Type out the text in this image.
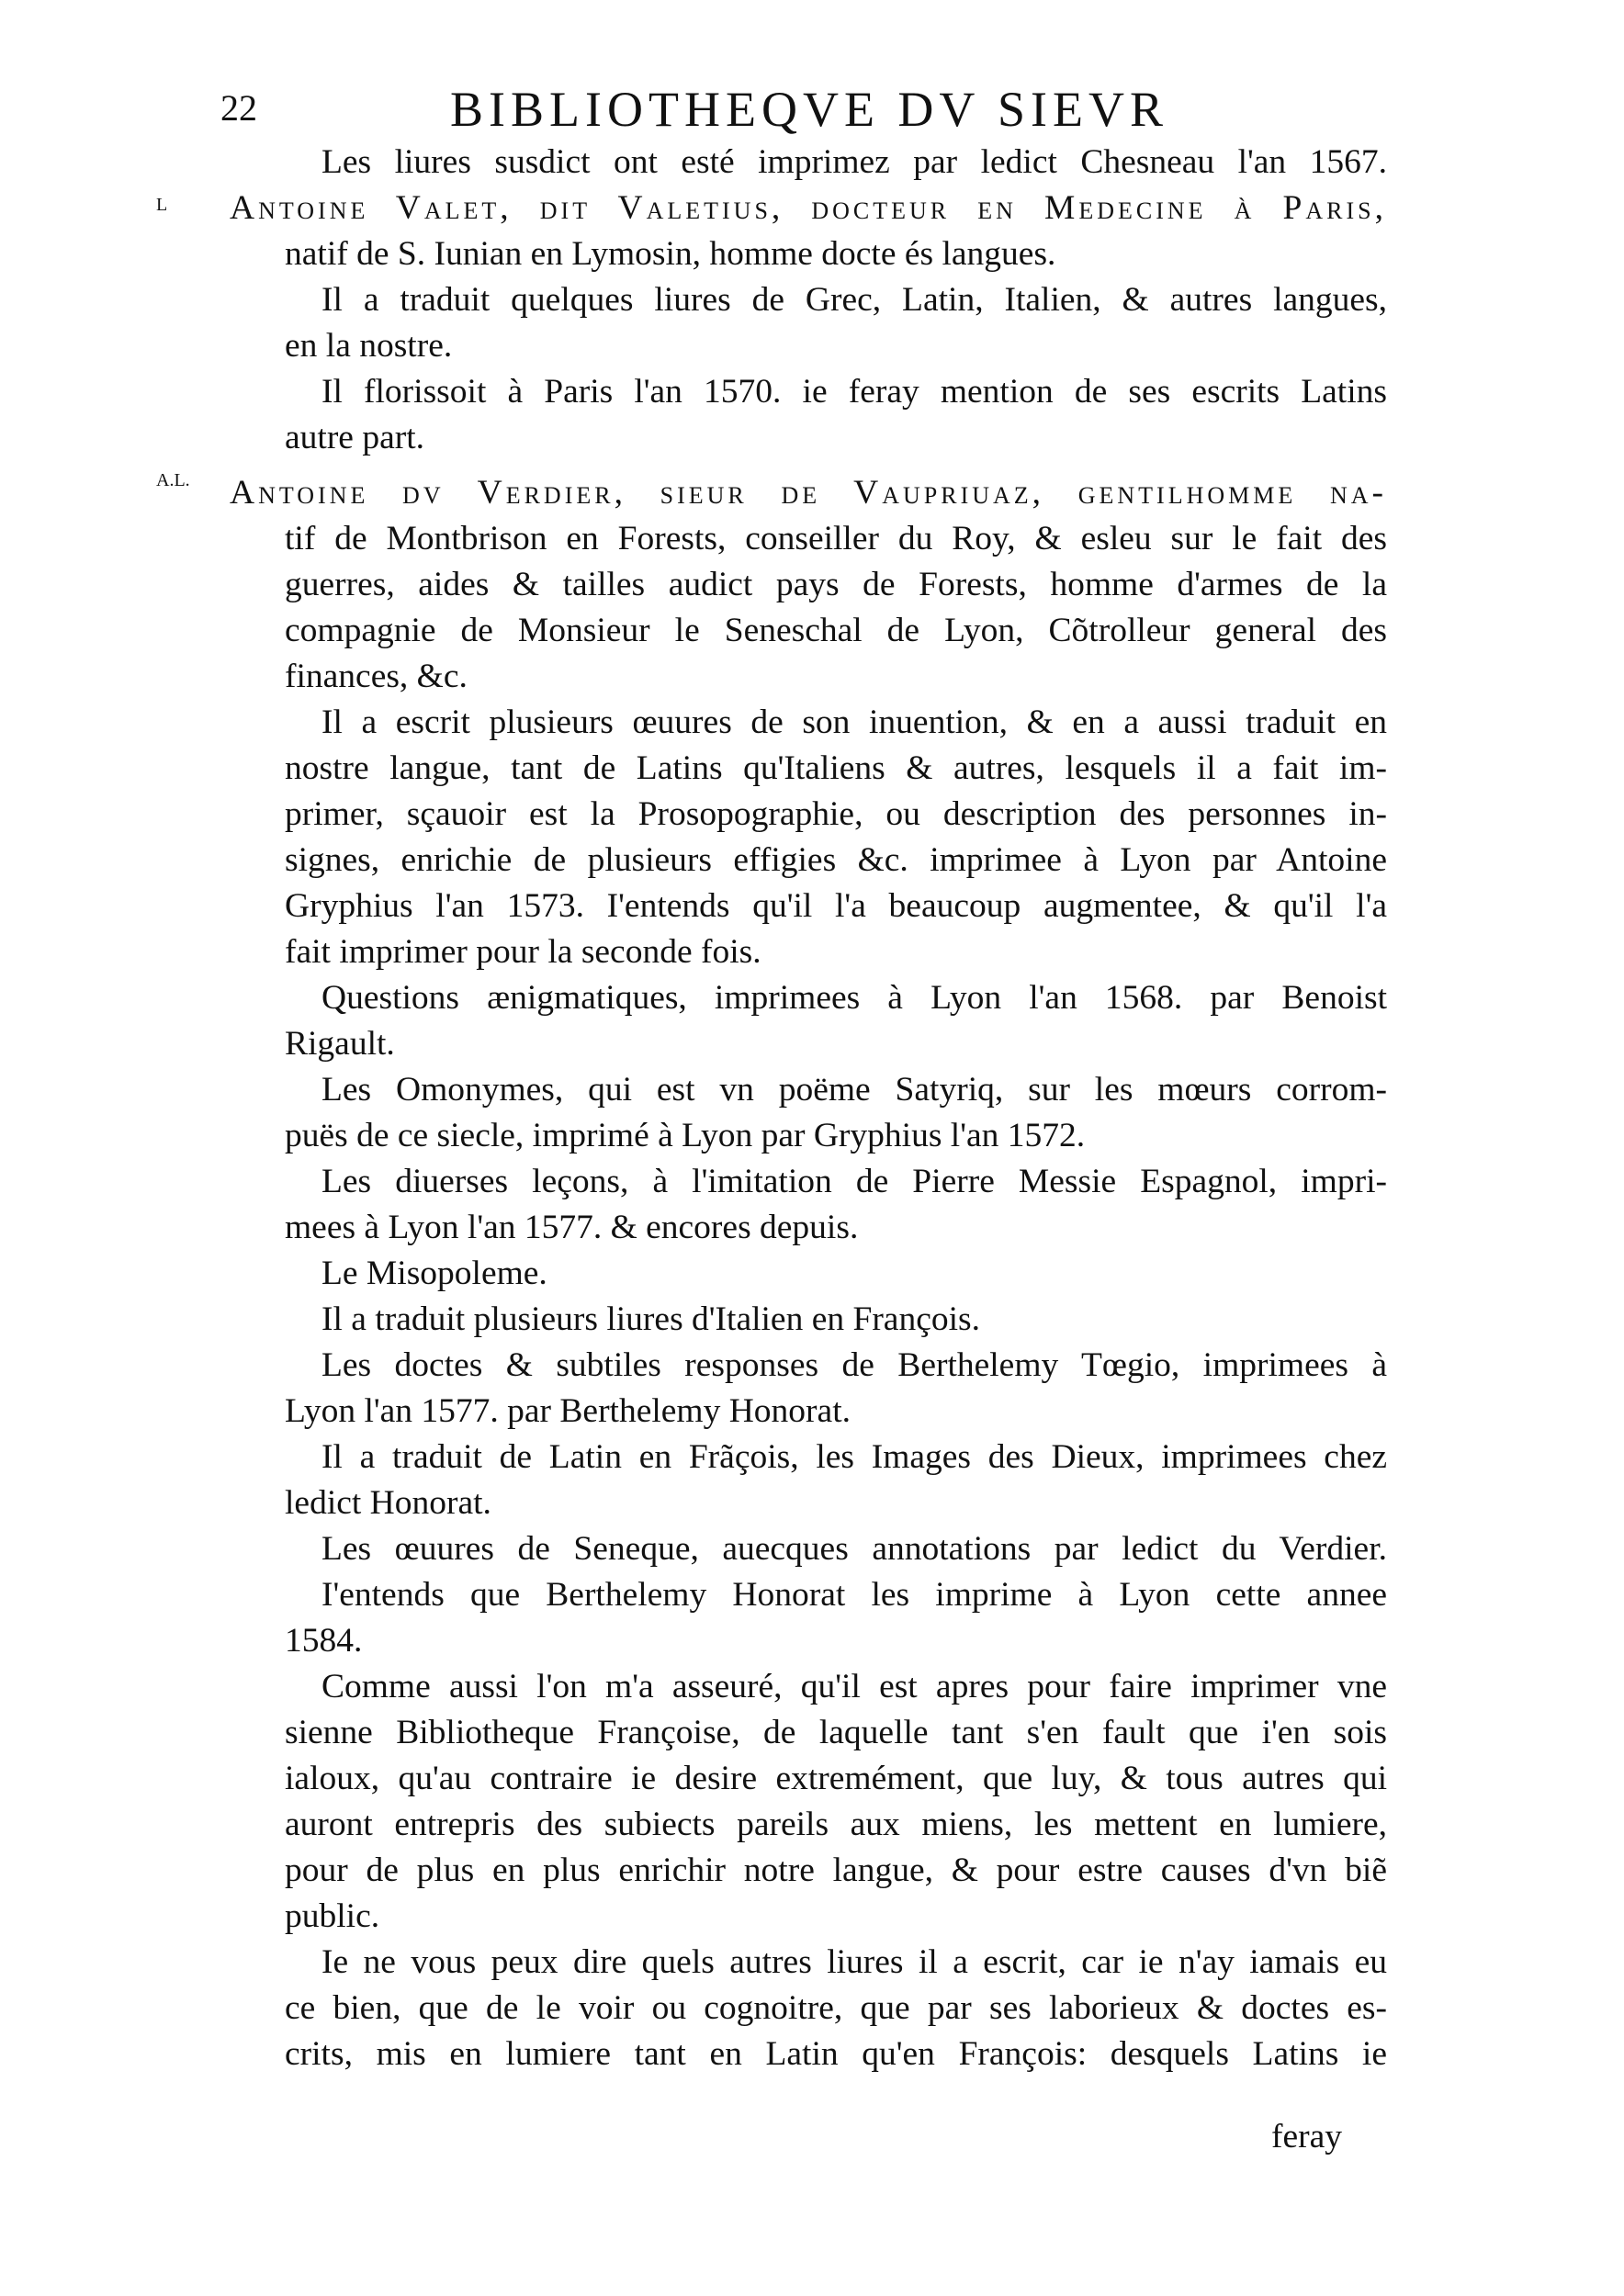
22	BIBLIOTHEQVE DV SIEVR
L
A.L.
Les liures susdict ont esté imprimez par ledict Chesneau l'an 1567.
Antoine Valet, dit Valetius, docteur en Medecine à Paris,
natif de S. Iunian en Lymosin, homme docte és langues.
Il a traduit quelques liures de Grec, Latin, Italien, & autres langues,
en la nostre.
Il florissoit à Paris l'an 1570. ie feray mention de ses escrits Latins
autre part.
Antoine dv Verdier, sieur de Vaupriuaz, gentilhomme na-
tif de Montbrison en Forests, conseiller du Roy, & esleu sur le fait des
guerres, aides & tailles audict pays de Forests, homme d'armes de la
compagnie de Monsieur le Seneschal de Lyon, Cõtrolleur general des
finances, &c.
Il a escrit plusieurs œuures de son inuention, & en a aussi traduit en
nostre langue, tant de Latins qu'Italiens & autres, lesquels il a fait im-
primer, sçauoir est la Prosopographie, ou description des personnes in-
signes, enrichie de plusieurs effigies &c. imprimee à Lyon par Antoine
Gryphius l'an 1573. I'entends qu'il l'a beaucoup augmentee, & qu'il l'a
fait imprimer pour la seconde fois.
Questions ænigmatiques, imprimees à Lyon l'an 1568. par Benoist
Rigault.
Les Omonymes, qui est vn poëme Satyriq, sur les mœurs corrom-
puës de ce siecle, imprimé à Lyon par Gryphius l'an 1572.
Les diuerses leçons, à l'imitation de Pierre Messie Espagnol, impri-
mees à Lyon l'an 1577. & encores depuis.
Le Misopoleme.
Il a traduit plusieurs liures d'Italien en François.
Les doctes & subtiles responses de Berthelemy Tœgio, imprimees à
Lyon l'an 1577. par Berthelemy Honorat.
Il a traduit de Latin en Frãçois, les Images des Dieux, imprimees chez
ledict Honorat.
Les œuures de Seneque, auecques annotations par ledict du Verdier.
I'entends que Berthelemy Honorat les imprime à Lyon cette annee
1584.
Comme aussi l'on m'a asseuré, qu'il est apres pour faire imprimer vne
sienne Bibliotheque Françoise, de laquelle tant s'en fault que i'en sois
ialoux, qu'au contraire ie desire extremément, que luy, & tous autres qui
auront entrepris des subiects pareils aux miens, les mettent en lumiere,
pour de plus en plus enrichir notre langue, & pour estre causes d'vn biẽ
public.
Ie ne vous peux dire quels autres liures il a escrit, car ie n'ay iamais eu
ce bien, que de le voir ou cognoitre, que par ses laborieux & doctes es-
crits, mis en lumiere tant en Latin qu'en François: desquels Latins ie
feray
